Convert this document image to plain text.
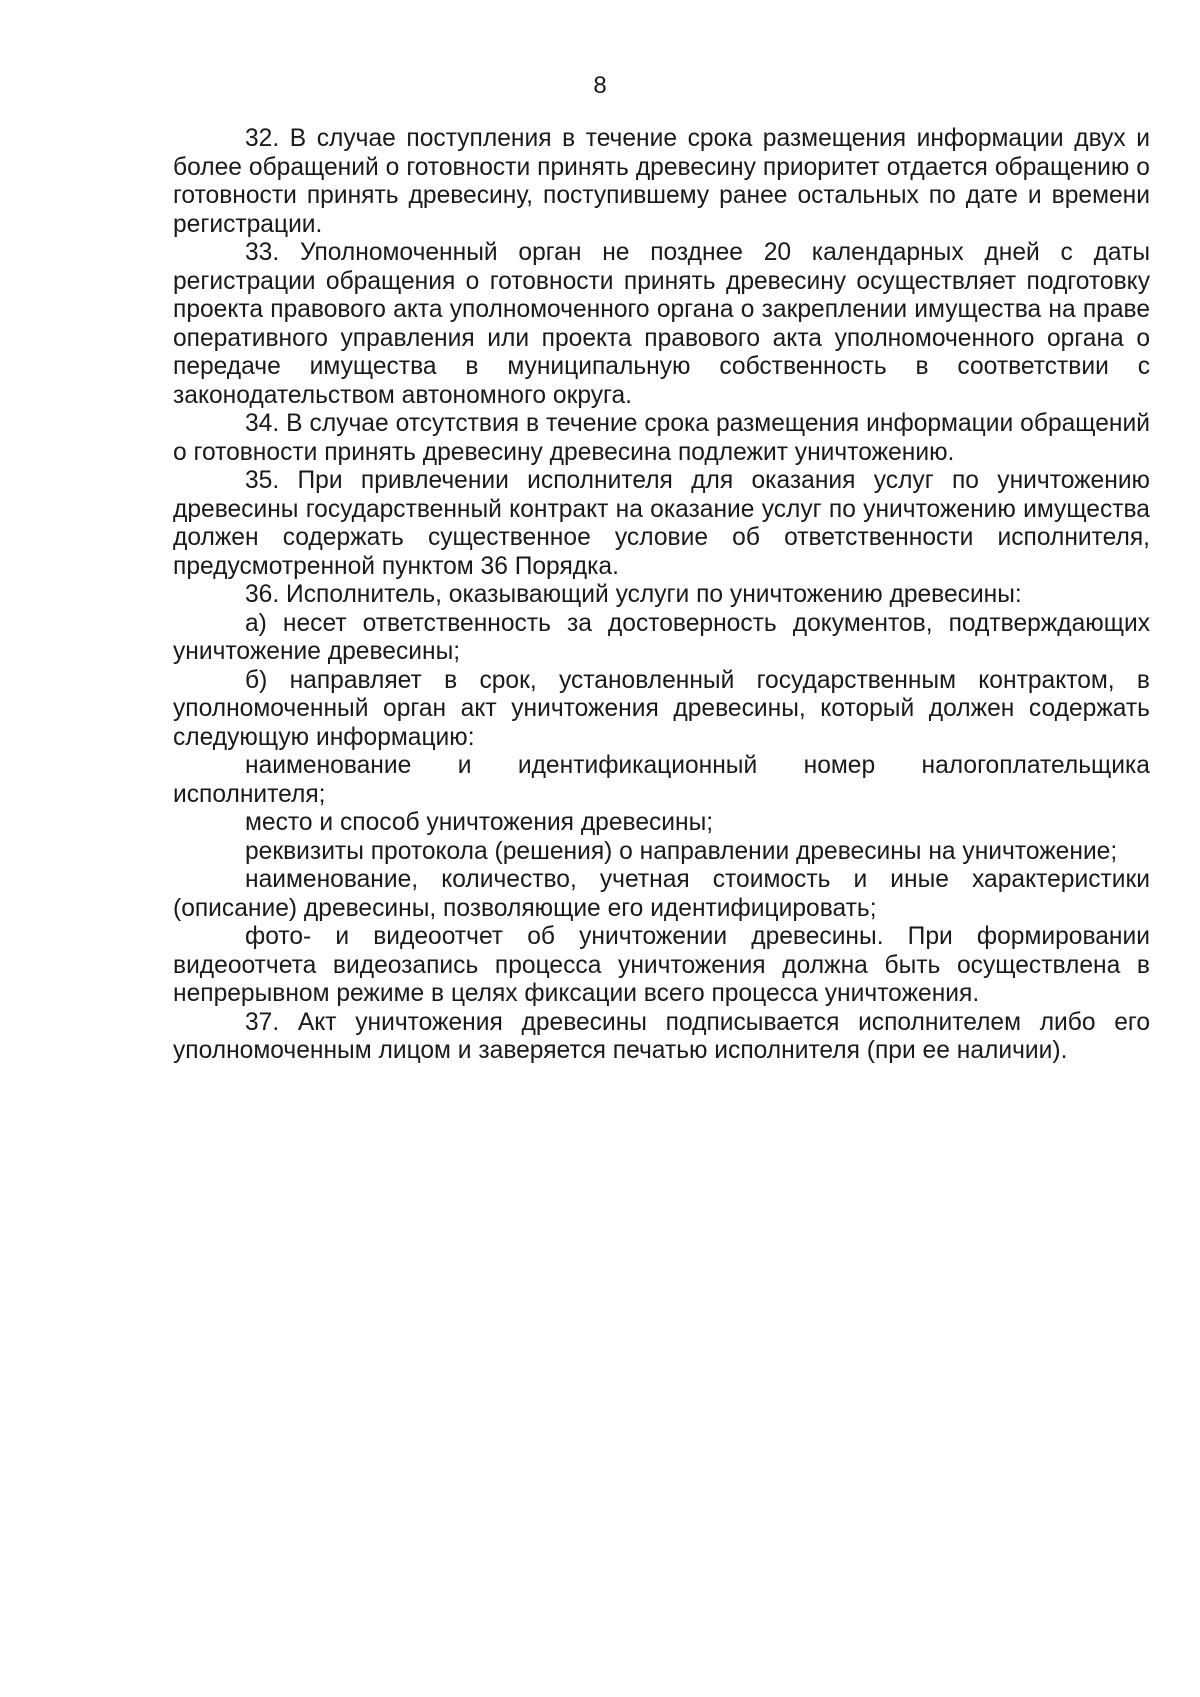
8

32. В случае поступления в течение срока размещения информации двух и более обращений о готовности принять древесину приоритет отдается обращению о готовности принять древесину, поступившему ранее остальных по дате и времени регистрации.

33. Уполномоченный орган не позднее 20 календарных дней с даты регистрации обращения о готовности принять древесину осуществляет подготовку проекта правового акта уполномоченного органа о закреплении имущества на праве оперативного управления или проекта правового акта уполномоченного органа о передаче имущества в муниципальную собственность в соответствии с законодательством автономного округа.

34. В случае отсутствия в течение срока размещения информации обращений о готовности принять древесину древесина подлежит уничтожению.

35. При привлечении исполнителя для оказания услуг по уничтожению древесины государственный контракт на оказание услуг по уничтожению имущества должен содержать существенное условие об ответственности исполнителя, предусмотренной пунктом 36 Порядка.

36. Исполнитель, оказывающий услуги по уничтожению древесины:

а) несет ответственность за достоверность документов, подтверждающих уничтожение древесины;

б) направляет в срок, установленный государственным контрактом, в уполномоченный орган акт уничтожения древесины, который должен содержать следующую информацию:

наименование и идентификационный номер налогоплательщика исполнителя;

место и способ уничтожения древесины;

реквизиты протокола (решения) о направлении древесины на уничтожение;

наименование, количество, учетная стоимость и иные характеристики (описание) древесины, позволяющие его идентифицировать;

фото- и видеоотчет об уничтожении древесины. При формировании видеоотчета видеозапись процесса уничтожения должна быть осуществлена в непрерывном режиме в целях фиксации всего процесса уничтожения.

37. Акт уничтожения древесины подписывается исполнителем либо его уполномоченным лицом и заверяется печатью исполнителя (при ее наличии).
